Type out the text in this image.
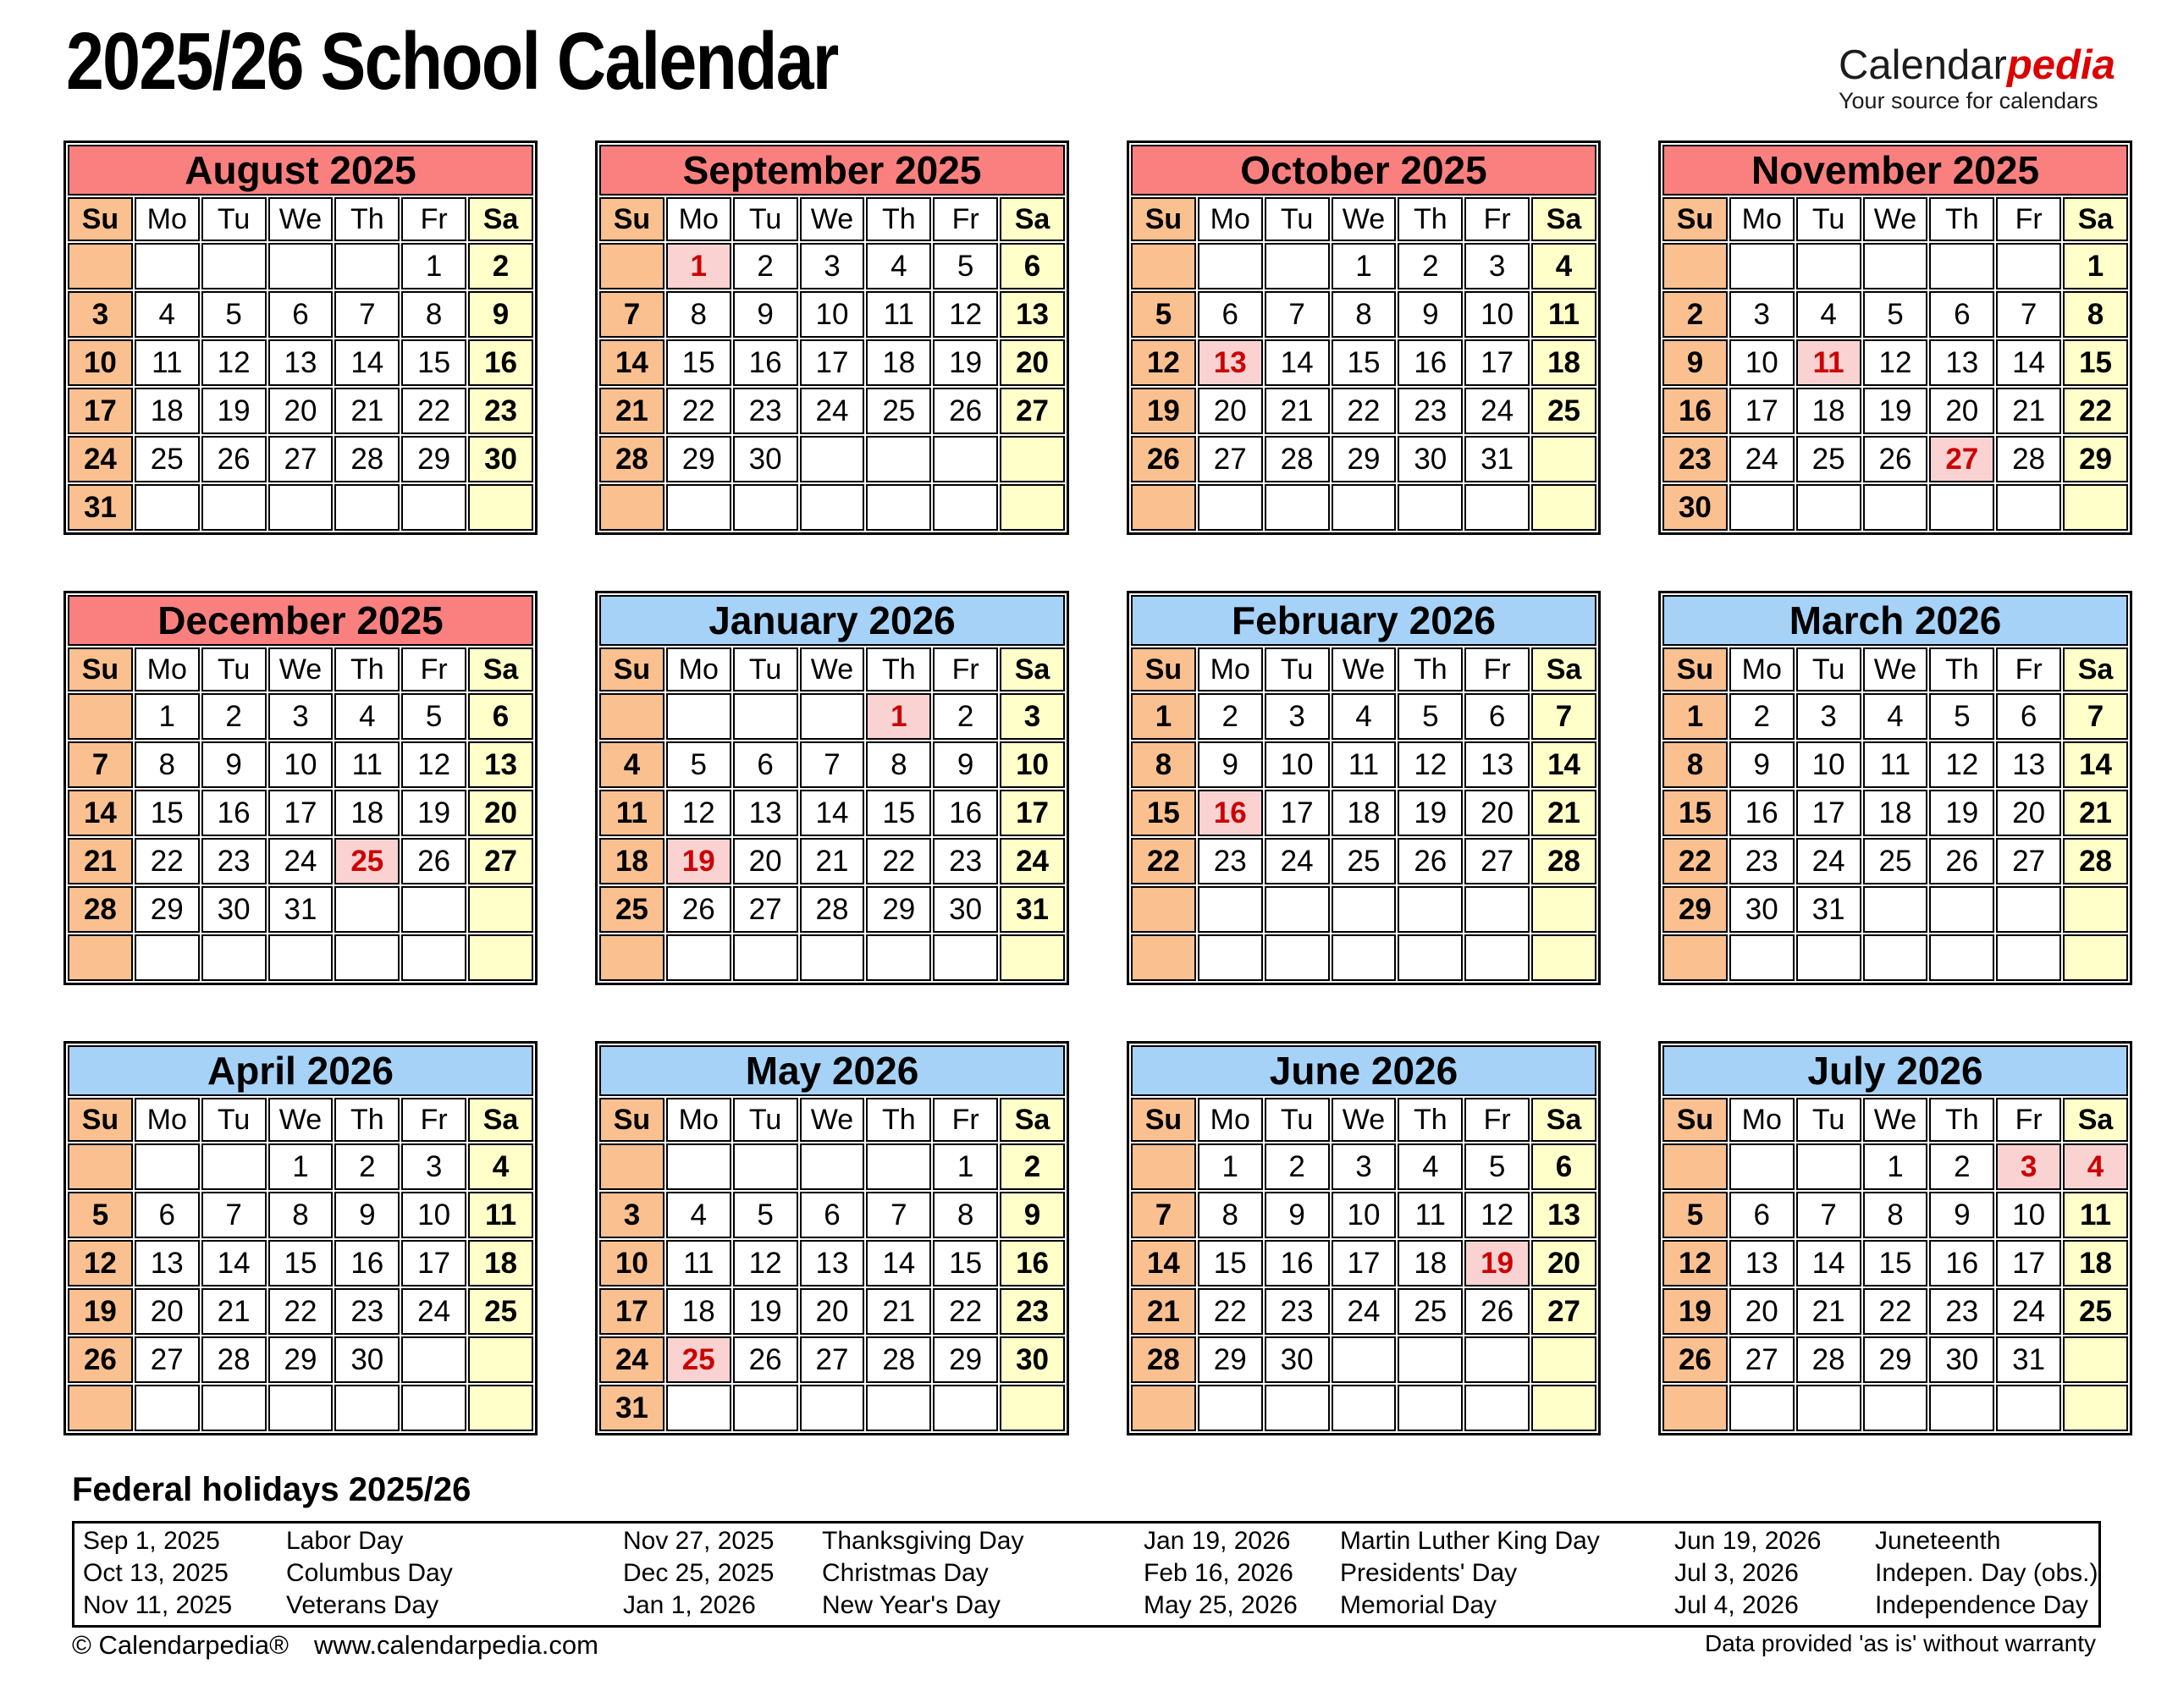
2025/26 School Calendar	Calendarpedia
Your source for calendars
August 2025						
Su	Mo	Tu	We	Th	Fr	Sa
					1	2
3	4	5	6	7	8	9
10	11	12	13	14	15	16
17	18	19	20	21	22	23
24	25	26	27	28	29	30
31						
September 2025						
Su	Mo	Tu	We	Th	Fr	Sa
	1	2	3	4	5	6
7	8	9	10	11	12	13
14	15	16	17	18	19	20
21	22	23	24	25	26	27
28	29	30				

October 2025						
Su	Mo	Tu	We	Th	Fr	Sa
			1	2	3	4
5	6	7	8	9	10	11
12	13	14	15	16	17	18
19	20	21	22	23	24	25
26	27	28	29	30	31	

November 2025						
Su	Mo	Tu	We	Th	Fr	Sa
						1
2	3	4	5	6	7	8
9	10	11	12	13	14	15
16	17	18	19	20	21	22
23	24	25	26	27	28	29
30						
December 2025						
Su	Mo	Tu	We	Th	Fr	Sa
	1	2	3	4	5	6
7	8	9	10	11	12	13
14	15	16	17	18	19	20
21	22	23	24	25	26	27
28	29	30	31			

January 2026						
Su	Mo	Tu	We	Th	Fr	Sa
				1	2	3
4	5	6	7	8	9	10
11	12	13	14	15	16	17
18	19	20	21	22	23	24
25	26	27	28	29	30	31

February 2026						
Su	Mo	Tu	We	Th	Fr	Sa
1	2	3	4	5	6	7
8	9	10	11	12	13	14
15	16	17	18	19	20	21
22	23	24	25	26	27	28

March 2026						
Su	Mo	Tu	We	Th	Fr	Sa
1	2	3	4	5	6	7
8	9	10	11	12	13	14
15	16	17	18	19	20	21
22	23	24	25	26	27	28
29	30	31				

April 2026						
Su	Mo	Tu	We	Th	Fr	Sa
			1	2	3	4
5	6	7	8	9	10	11
12	13	14	15	16	17	18
19	20	21	22	23	24	25
26	27	28	29	30		

May 2026						
Su	Mo	Tu	We	Th	Fr	Sa
					1	2
3	4	5	6	7	8	9
10	11	12	13	14	15	16
17	18	19	20	21	22	23
24	25	26	27	28	29	30
31						
June 2026						
Su	Mo	Tu	We	Th	Fr	Sa
	1	2	3	4	5	6
7	8	9	10	11	12	13
14	15	16	17	18	19	20
21	22	23	24	25	26	27
28	29	30				

July 2026						
Su	Mo	Tu	We	Th	Fr	Sa
			1	2	3	4
5	6	7	8	9	10	11
12	13	14	15	16	17	18
19	20	21	22	23	24	25
26	27	28	29	30	31	

Federal holidays 2025/26
Sep 1, 2025	Labor Day	Nov 27, 2025	Thanksgiving Day	Jan 19, 2026	Martin Luther King Day	Jun 19, 2026	Juneteenth
Oct 13, 2025	Columbus Day	Dec 25, 2025	Christmas Day	Feb 16, 2026	Presidents' Day	Jul 3, 2026	Indepen. Day (obs.)
Nov 11, 2025	Veterans Day	Jan 1, 2026	New Year's Day	May 25, 2026	Memorial Day	Jul 4, 2026	Independence Day
© Calendarpedia® www.calendarpedia.com	Data provided 'as is' without warranty
